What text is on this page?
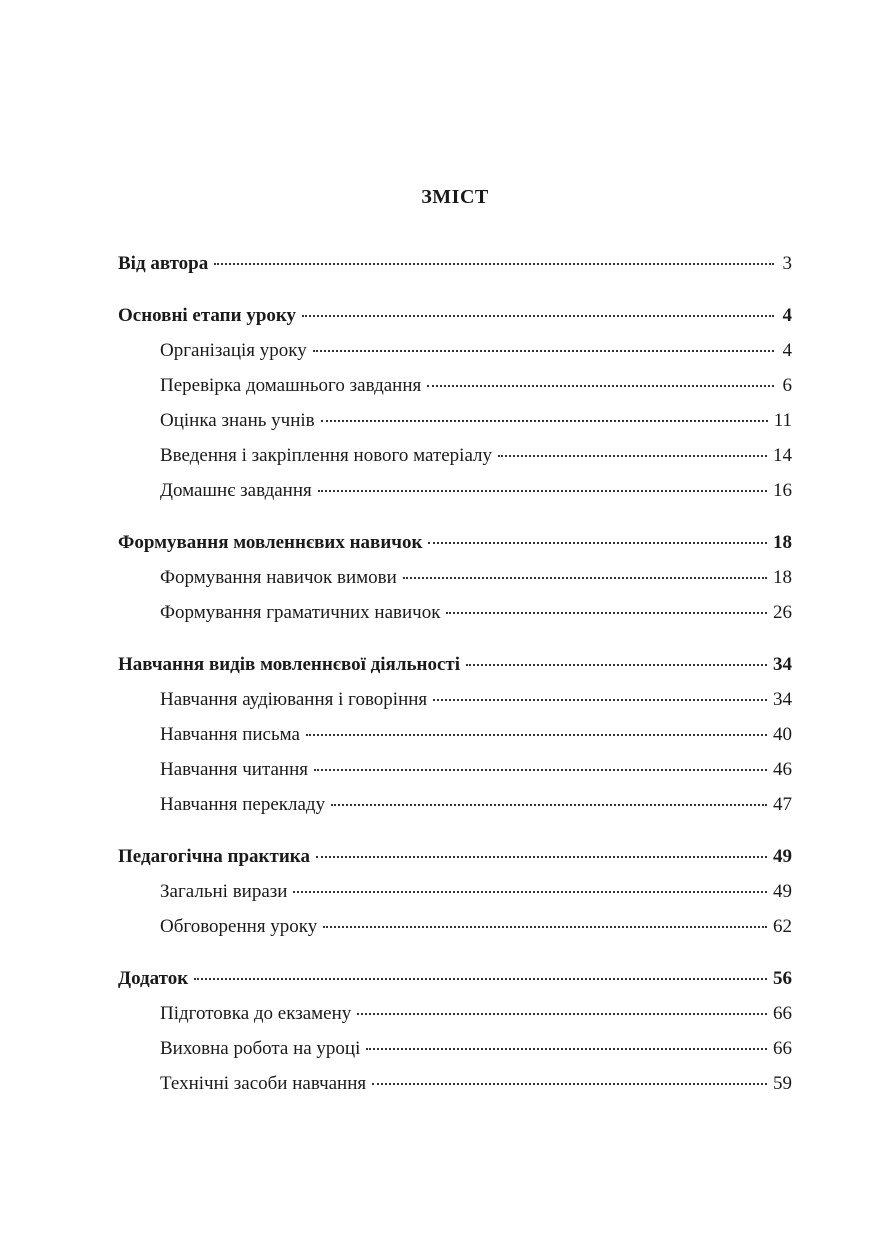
ЗМІСТ
Від автора	3
Основні етапи уроку	4
Організація уроку	4
Перевірка домашнього завдання	6
Оцінка знань учнів	11
Введення і закріплення нового матеріалу	14
Домашнє завдання	16
Формування мовленнєвих навичок	18
Формування навичок вимови	18
Формування граматичних навичок	26
Навчання видів мовленнєвої діяльності	34
Навчання аудіювання і говоріння	34
Навчання письма	40
Навчання читання	46
Навчання перекладу	47
Педагогічна практика	49
Загальні вирази	49
Обговорення уроку	62
Додаток	56
Підготовка до екзамену	66
Виховна робота на уроці	66
Технічні засоби навчання	59
